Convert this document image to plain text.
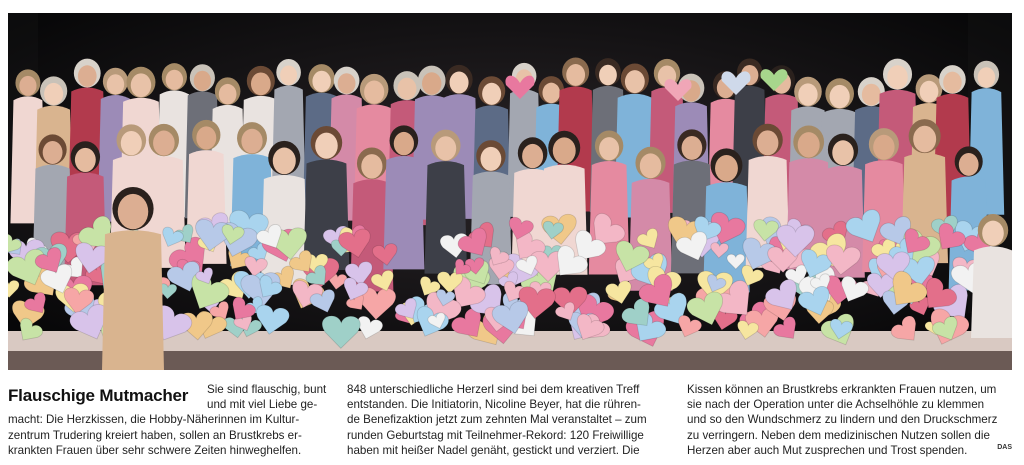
Flauschige Mutmacher	Sie sind flauschig, bunt
und mit viel Liebe ge-
macht: Die Herzkissen, die Hobby-Näherinnen im Kultur-
zentrum Trudering kreiert haben, sollen an Brustkrebs er-
krankten Frauen über sehr schwere Zeiten hinweghelfen.
848 unterschiedliche Herzerl sind bei dem kreativen Treff
entstanden. Die Initiatorin, Nicoline Beyer, hat die rühren-
de Benefizaktion jetzt zum zehnten Mal veranstaltet – zum
runden Geburtstag mit Teilnehmer-Rekord: 120 Freiwillige
haben mit heißer Nadel genäht, gestickt und verziert. Die
Kissen können an Brustkrebs erkrankten Frauen nutzen, um
sie nach der Operation unter die Achselhöhle zu klemmen
und so den Wundschmerz zu lindern und den Druckschmerz
zu verringern. Neben dem medizinischen Nutzen sollen die
Herzen aber auch Mut zusprechen und Trost spenden.	DAS
